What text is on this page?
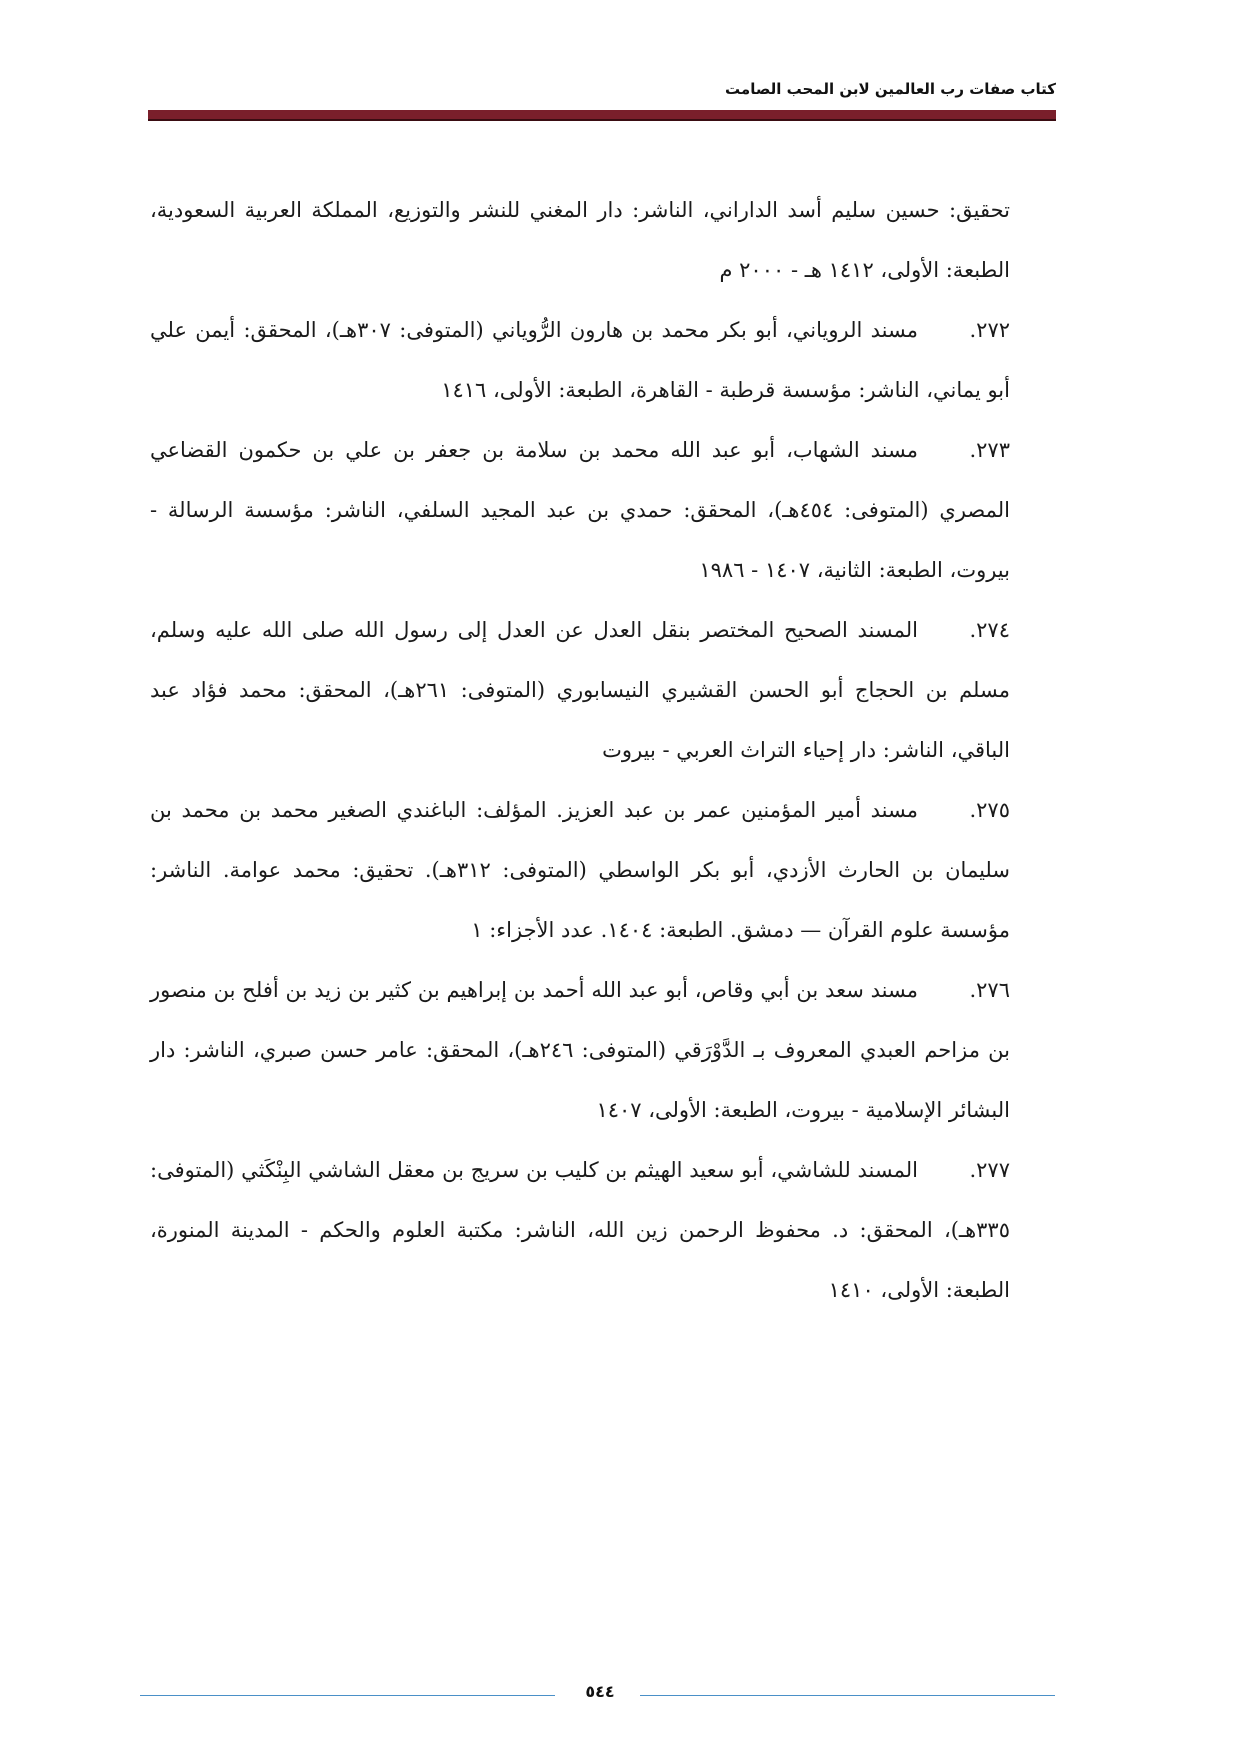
كتاب صفات رب العالمين لابن المحب الصامت
تحقيق: حسين سليم أسد الداراني، الناشر: دار المغني للنشر والتوزيع، المملكة العربية السعودية، الطبعة: الأولى، ١٤١٢ هـ - ٢٠٠٠ م
٢٧٢.مسند الروياني، أبو بكر محمد بن هارون الرُّوياني (المتوفى: ٣٠٧هـ)، المحقق: أيمن علي أبو يماني، الناشر: مؤسسة قرطبة - القاهرة، الطبعة: الأولى، ١٤١٦
٢٧٣.مسند الشهاب، أبو عبد الله محمد بن سلامة بن جعفر بن علي بن حكمون القضاعي المصري (المتوفى: ٤٥٤هـ)، المحقق: حمدي بن عبد المجيد السلفي، الناشر: مؤسسة الرسالة - بيروت، الطبعة: الثانية، ١٤٠٧ - ١٩٨٦
٢٧٤.المسند الصحيح المختصر بنقل العدل عن العدل إلى رسول الله صلى الله عليه وسلم، مسلم بن الحجاج أبو الحسن القشيري النيسابوري (المتوفى: ٢٦١هـ)، المحقق: محمد فؤاد عبد الباقي، الناشر: دار إحياء التراث العربي - بيروت
٢٧٥.مسند أمير المؤمنين عمر بن عبد العزيز. المؤلف: الباغندي الصغير محمد بن محمد بن سليمان بن الحارث الأزدي، أبو بكر الواسطي (المتوفى: ٣١٢هـ). تحقيق: محمد عوامة. الناشر: مؤسسة علوم القرآن — دمشق. الطبعة: ١٤٠٤. عدد الأجزاء: ١
٢٧٦.مسند سعد بن أبي وقاص، أبو عبد الله أحمد بن إبراهيم بن كثير بن زيد بن أفلح بن منصور بن مزاحم العبدي المعروف بـ الدَّوْرَقي (المتوفى: ٢٤٦هـ)، المحقق: عامر حسن صبري، الناشر: دار البشائر الإسلامية - بيروت، الطبعة: الأولى، ١٤٠٧
٢٧٧.المسند للشاشي، أبو سعيد الهيثم بن كليب بن سريج بن معقل الشاشي البِنْكَثي (المتوفى: ٣٣٥هـ)، المحقق: د. محفوظ الرحمن زين الله، الناشر: مكتبة العلوم والحكم - المدينة المنورة، الطبعة: الأولى، ١٤١٠
٥٤٤
